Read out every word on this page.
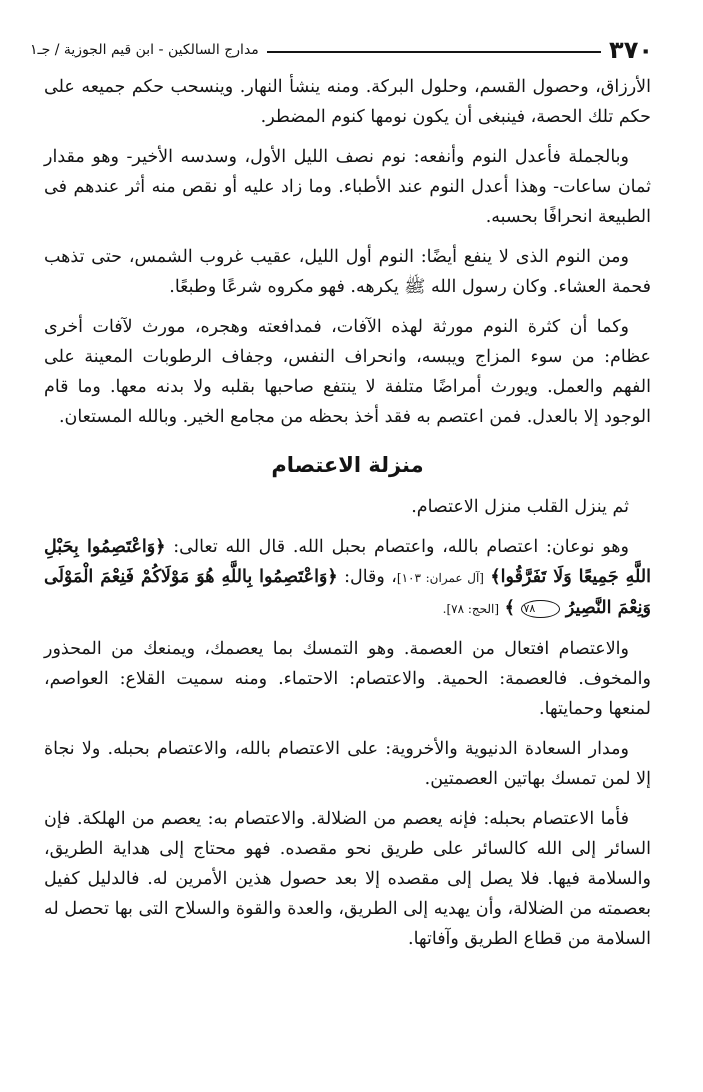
٣٧٠
مدارج السالكين - ابن قيم الجوزية / جـ١

الأرزاق، وحصول القسم، وحلول البركة. ومنه ينشأ النهار. وينسحب حكم جميعه على حكم تلك الحصة، فينبغى أن يكون نومها كنوم المضطر.

وبالجملة فأعدل النوم وأنفعه: نوم نصف الليل الأول، وسدسه الأخير- وهو مقدار ثمان ساعات- وهذا أعدل النوم عند الأطباء. وما زاد عليه أو نقص منه أثر عندهم فى الطبيعة انحرافًا بحسبه.

ومن النوم الذى لا ينفع أيضًا: النوم أول الليل، عقيب غروب الشمس، حتى تذهب فحمة العشاء. وكان رسول الله ﷺ يكرهه. فهو مكروه شرعًا وطبعًا.

وكما أن كثرة النوم مورثة لهذه الآفات، فمدافعته وهجره، مورث لآفات أخرى عظام: من سوء المزاج ويبسه، وانحراف النفس، وجفاف الرطوبات المعينة على الفهم والعمل. ويورث أمراضًا متلفة لا ينتفع صاحبها بقلبه ولا بدنه معها. وما قام الوجود إلا بالعدل. فمن اعتصم به فقد أخذ بحظه من مجامع الخير. وبالله المستعان.

منزلة الاعتصام

ثم ينزل القلب منزل الاعتصام.

وهو نوعان: اعتصام بالله، واعتصام بحبل الله. قال الله تعالى: ﴿وَاعْتَصِمُوا بِحَبْلِ اللَّهِ جَمِيعًا وَلَا تَفَرَّقُوا﴾ [آل عمران: ١٠٣]، وقال: ﴿وَاعْتَصِمُوا بِاللَّهِ هُوَ مَوْلَاكُمْ فَنِعْمَ الْمَوْلَى وَنِعْمَ النَّصِيرُ ٧٨ ﴾ [الحج: ٧٨].

والاعتصام افتعال من العصمة. وهو التمسك بما يعصمك، ويمنعك من المحذور والمخوف. فالعصمة: الحمية. والاعتصام: الاحتماء. ومنه سميت القلاع: العواصم، لمنعها وحمايتها.

ومدار السعادة الدنيوية والأخروية: على الاعتصام بالله، والاعتصام بحبله. ولا نجاة إلا لمن تمسك بهاتين العصمتين.

فأما الاعتصام بحبله: فإنه يعصم من الضلالة. والاعتصام به: يعصم من الهلكة. فإن السائر إلى الله كالسائر على طريق نحو مقصده. فهو محتاج إلى هداية الطريق، والسلامة فيها. فلا يصل إلى مقصده إلا بعد حصول هذين الأمرين له. فالدليل كفيل بعصمته من الضلالة، وأن يهديه إلى الطريق، والعدة والقوة والسلاح التى بها تحصل له السلامة من قطاع الطريق وآفاتها.
